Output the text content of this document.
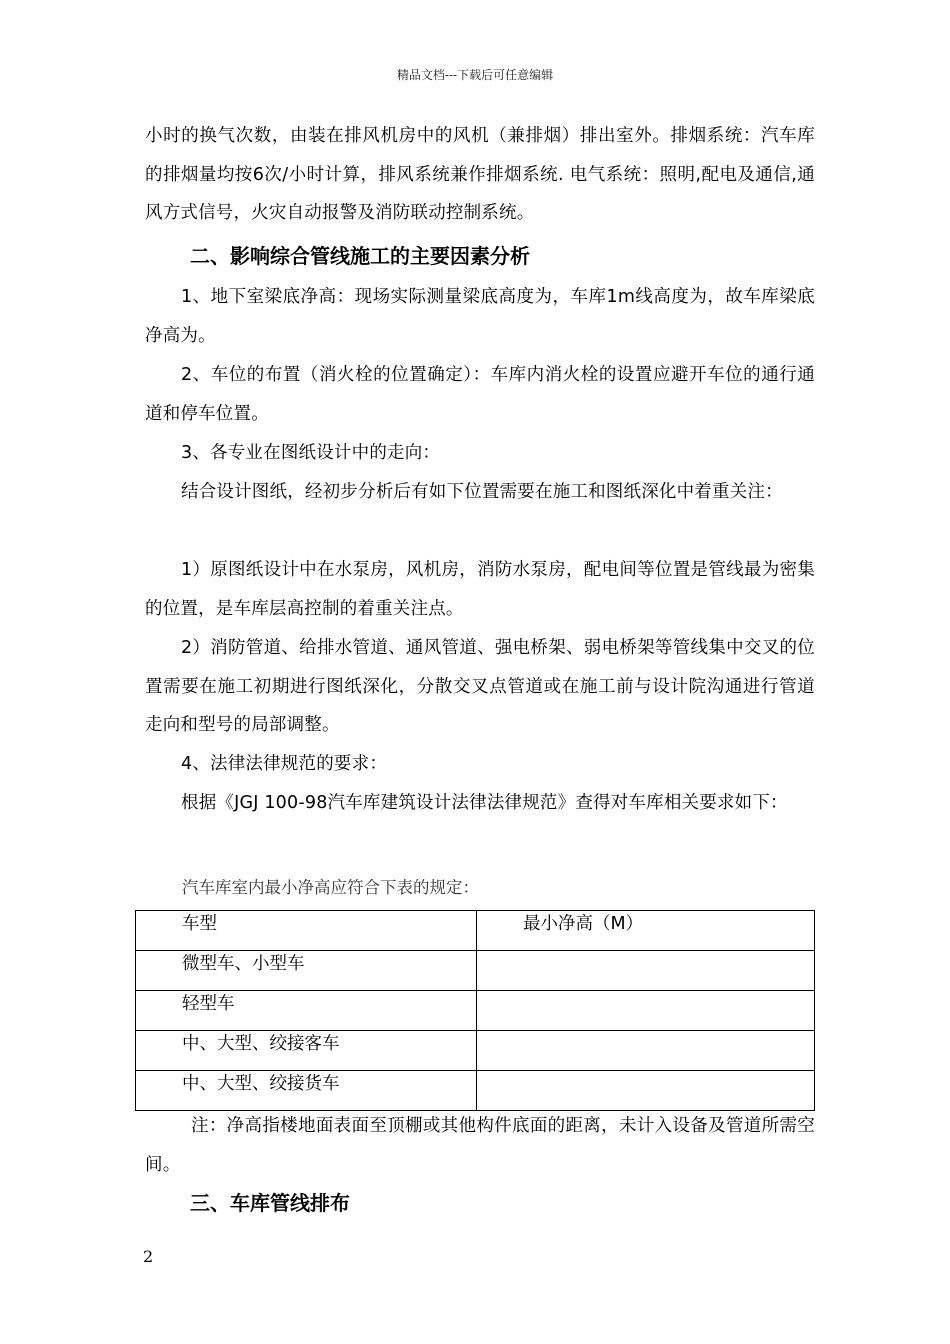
精品文档---下载后可任意编辑

小时的换气次数，由装在排风机房中的风机（兼排烟）排出室外。排烟系统：汽车库的排烟量均按6次/小时计算，排风系统兼作排烟系统. 电气系统：照明,配电及通信,通风方式信号，火灾自动报警及消防联动控制系统。

二、影响综合管线施工的主要因素分析

1、地下室梁底净高：现场实际测量梁底高度为，车库1m线高度为，故车库梁底净高为。

2、车位的布置（消火栓的位置确定）：车库内消火栓的设置应避开车位的通行通道和停车位置。

3、各专业在图纸设计中的走向：

结合设计图纸，经初步分析后有如下位置需要在施工和图纸深化中着重关注：

1）原图纸设计中在水泵房，风机房，消防水泵房，配电间等位置是管线最为密集的位置，是车库层高控制的着重关注点。

2）消防管道、给排水管道、通风管道、强电桥架、弱电桥架等管线集中交叉的位置需要在施工初期进行图纸深化，分散交叉点管道或在施工前与设计院沟通进行管道走向和型号的局部调整。

4、法律法律规范的要求：

根据《JGJ 100-98汽车库建筑设计法律法律规范》查得对车库相关要求如下：

汽车库室内最小净高应符合下表的规定：
车型	最小净高（M）
微型车、小型车	
轻型车	
中、大型、绞接客车	
中、大型、绞接货车	

注：净高指楼地面表面至顶棚或其他构件底面的距离，未计入设备及管道所需空间。

三、车库管线排布
2
